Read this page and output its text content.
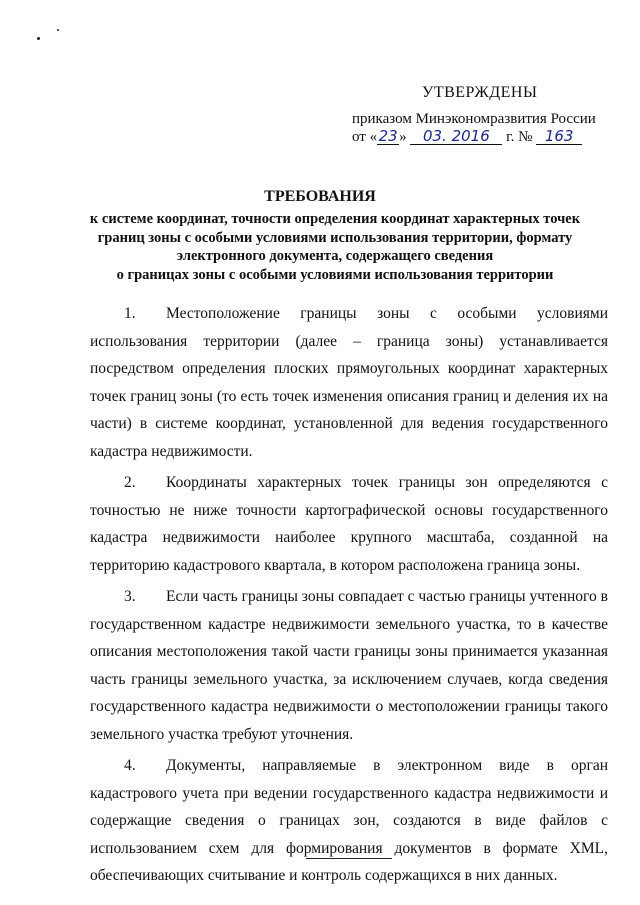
УТВЕРЖДЕНЫ
приказом Минэкономразвития России
от «23» 03. 2016 г. № 163
ТРЕБОВАНИЯ
к системе координат, точности определения координат характерных точек
границ зоны с особыми условиями использования территории, формату
электронного документа, содержащего сведения
о границах зоны с особыми условиями использования территории

1. Местоположение границы зоны с особыми условиями использования территории (далее – граница зоны) устанавливается посредством определения плоских прямоугольных координат характерных точек границ зоны (то есть точек изменения описания границ и деления их на части) в системе координат, установленной для ведения государственного кадастра недвижимости.

2. Координаты характерных точек границы зон определяются с точностью не ниже точности картографической основы государственного кадастра недвижимости наиболее крупного масштаба, созданной на территорию кадастрового квартала, в котором расположена граница зоны.

3. Если часть границы зоны совпадает с частью границы учтенного в государственном кадастре недвижимости земельного участка, то в качестве описания местоположения такой части границы зоны принимается указанная часть границы земельного участка, за исключением случаев, когда сведения государственного кадастра недвижимости о местоположении границы такого земельного участка требуют уточнения.

4. Документы, направляемые в электронном виде в орган кадастрового учета при ведении государственного кадастра недвижимости и содержащие сведения о границах зон, создаются в виде файлов с использованием схем для формирования документов в формате XML, обеспечивающих считывание и контроль содержащихся в них данных.
